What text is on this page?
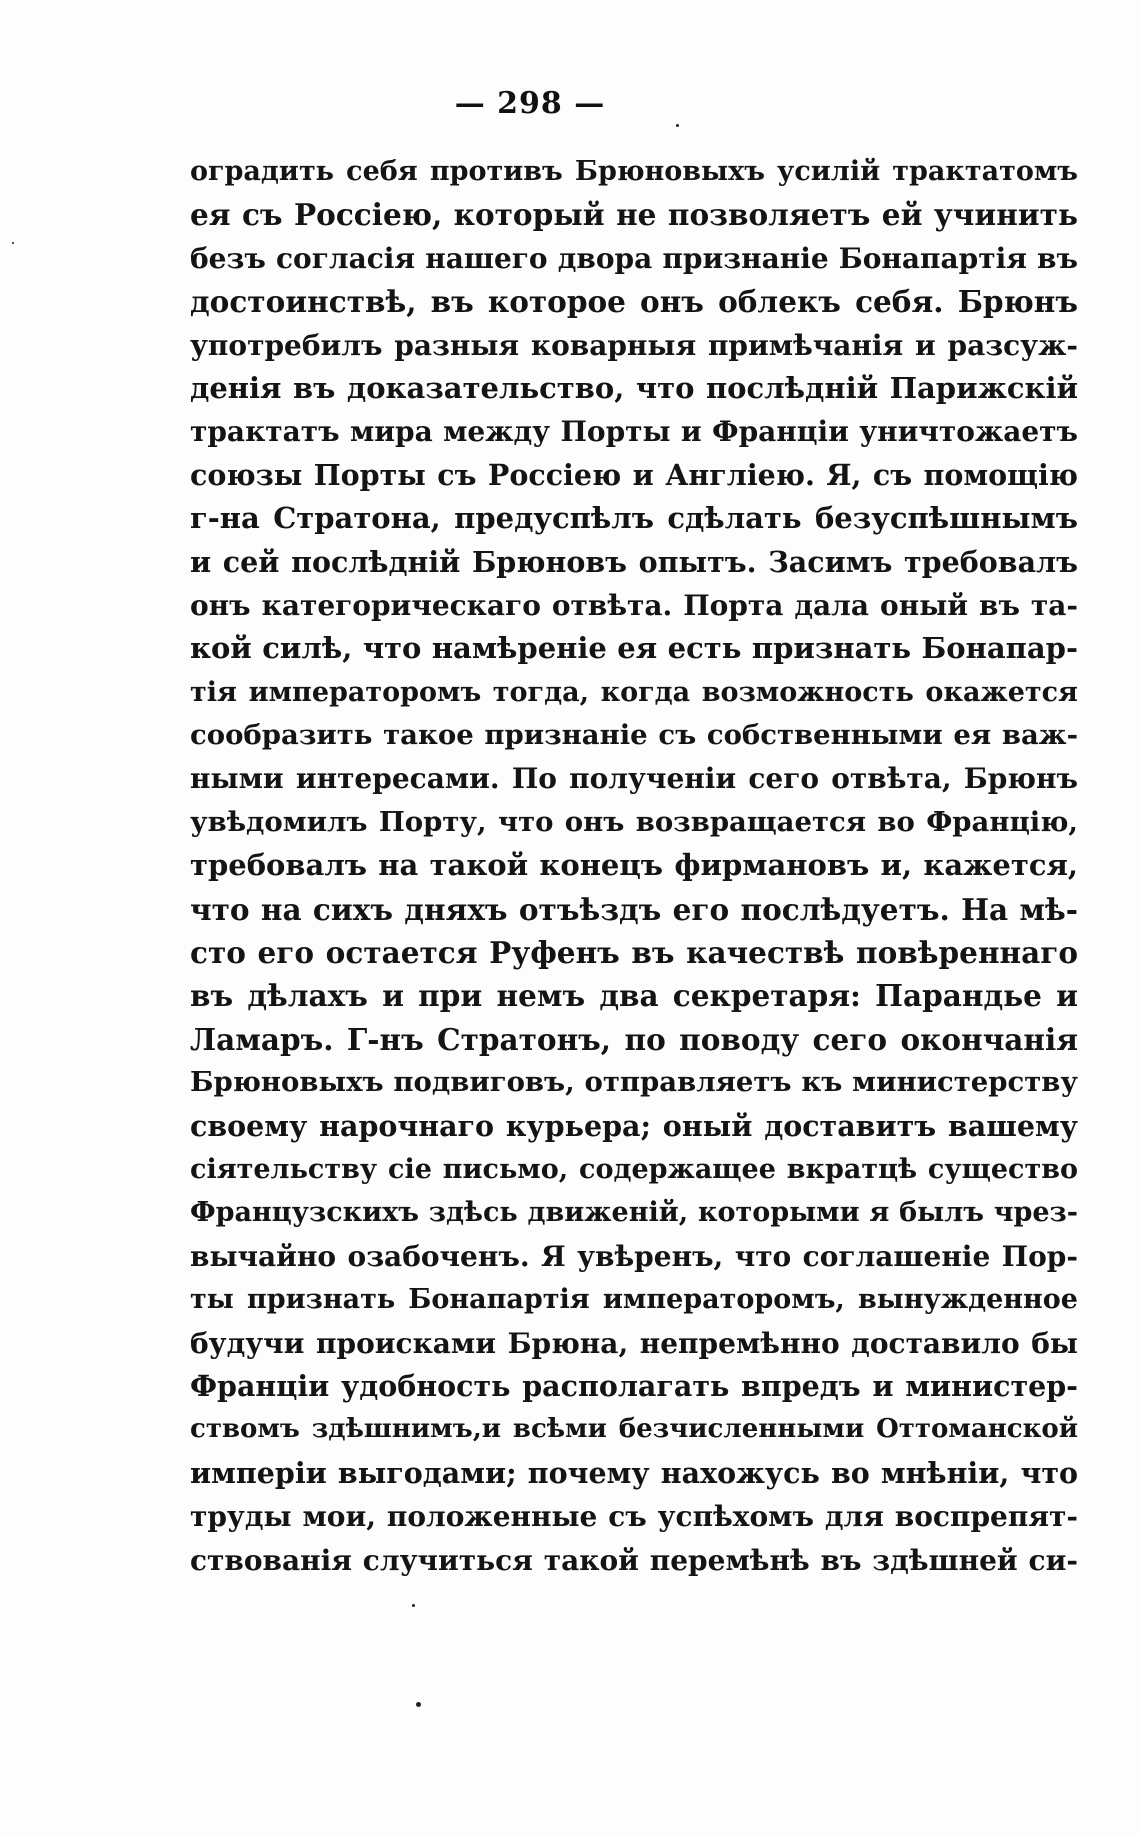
— 298 —
оградить себя противъ Брюновыхъ усилій трактатомъ
ея съ Россіею, который не позволяетъ ей учинить
безъ согласія нашего двора признаніе Бонапартія въ
достоинствѣ, въ которое онъ облекъ себя. Брюнъ
употребилъ разныя коварныя примѣчанія и разсуж-
денія въ доказательство, что послѣдній Парижскій
трактатъ мира между Порты и Франціи уничтожаетъ
союзы Порты съ Россіею и Англіею. Я, съ помощію
г-на Стратона, предуспѣлъ сдѣлать безуспѣшнымъ
и сей послѣдній Брюновъ опытъ. Засимъ требовалъ
онъ категорическаго отвѣта. Порта дала оный въ та-
кой силѣ, что намѣреніе ея есть признать Бонапар-
тія императоромъ тогда, когда возможность окажется
сообразить такое признаніе съ собственными ея важ-
ными интересами. По полученіи сего отвѣта, Брюнъ
увѣдомилъ Порту, что онъ возвращается во Францію,
требовалъ на такой конецъ фирмановъ и, кажется,
что на сихъ дняхъ отъѣздъ его послѣдуетъ. На мѣ-
сто его остается Руфенъ въ качествѣ повѣреннаго
въ дѣлахъ и при немъ два секретаря: Парандье и
Ламаръ. Г-нъ Стратонъ, по поводу сего окончанія
Брюновыхъ подвиговъ, отправляетъ къ министерству
своему нарочнаго курьера; оный доставитъ вашему
сіятельству сіе письмо, содержащее вкратцѣ существо
Французскихъ здѣсь движеній, которыми я былъ чрез-
вычайно озабоченъ. Я увѣренъ, что соглашеніе Пор-
ты признать Бонапартія императоромъ, вынужденное
будучи происками Брюна, непремѣнно доставило бы
Франціи удобность располагать впредъ и министер-
ствомъ здѣшнимъ,и всѣми безчисленными Оттоманской
имперіи выгодами; почему нахожусь во мнѣніи, что
труды мои, положенные съ успѣхомъ для воспрепят-
ствованія случиться такой перемѣнѣ въ здѣшней си-
